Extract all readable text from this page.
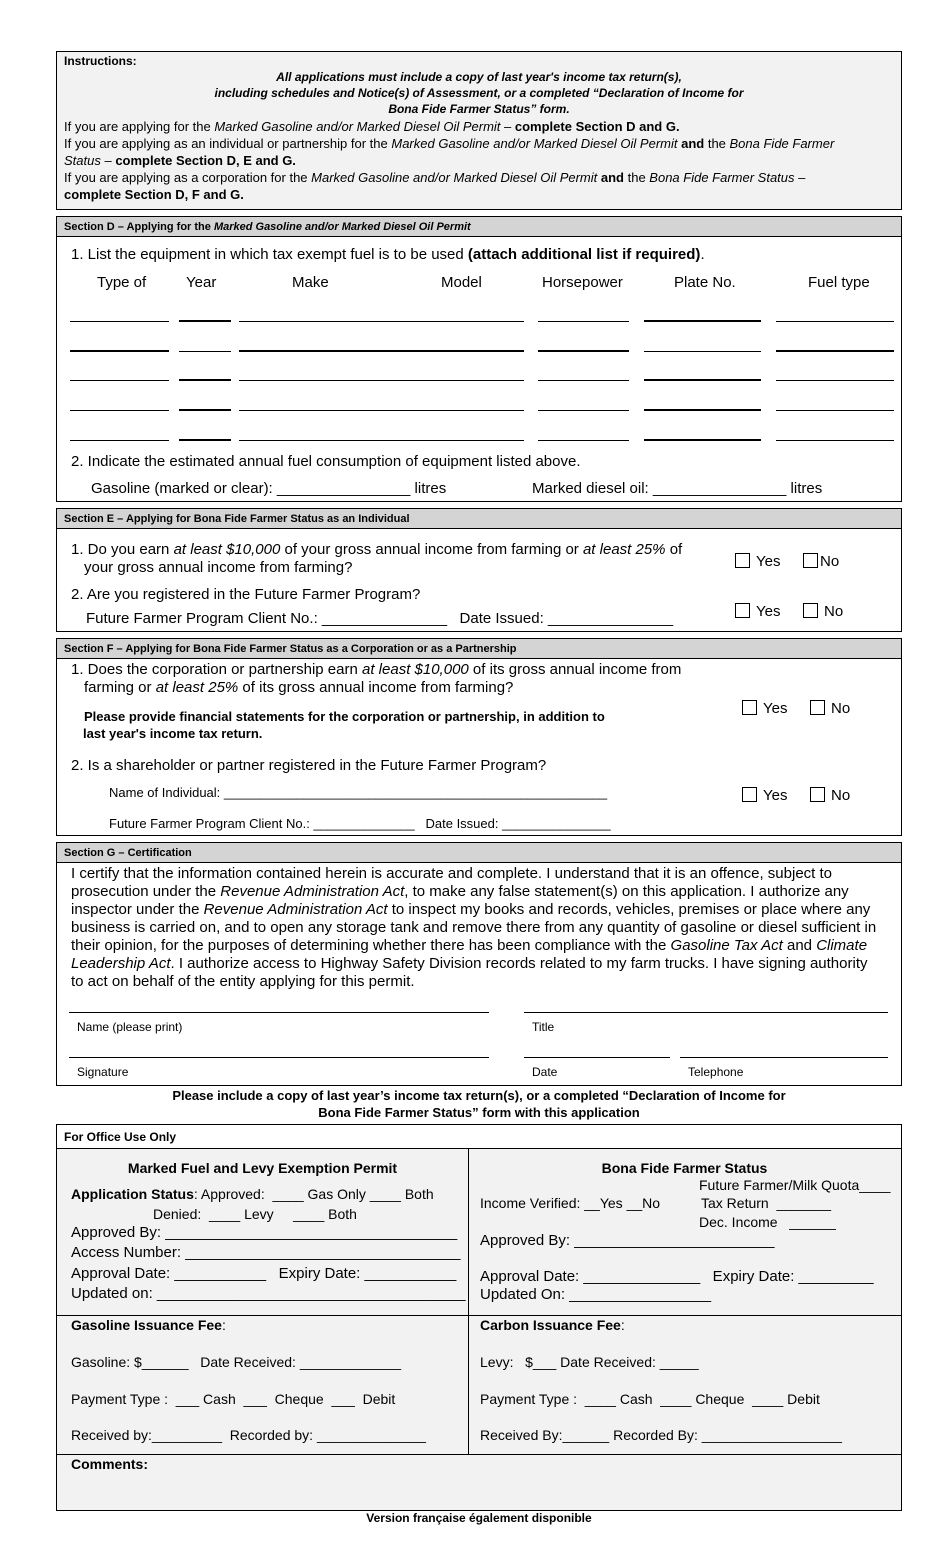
Instructions:
All applications must include a copy of last year's income tax return(s),
including schedules and Notice(s) of Assessment, or a completed “Declaration of Income for
Bona Fide Farmer Status” form.
If you are applying for the Marked Gasoline and/or Marked Diesel Oil Permit – complete Section D and G.
If you are applying as an individual or partnership for the Marked Gasoline and/or Marked Diesel Oil Permit and the Bona Fide Farmer
Status – complete Section D, E and G.
If you are applying as a corporation for the Marked Gasoline and/or Marked Diesel Oil Permit and the Bona Fide Farmer Status –
complete Section D, F and G.
Section D – Applying for the Marked Gasoline and/or Marked Diesel Oil Permit
1. List the equipment in which tax exempt fuel is to be used (attach additional list if required).
Type of	Year	Make	Model	Horsepower	Plate No.	Fuel type
2. Indicate the estimated annual fuel consumption of equipment listed above.
Gasoline (marked or clear): ________________ litres	Marked diesel oil: ________________ litres
Section E – Applying for Bona Fide Farmer Status as an Individual
1. Do you earn at least $10,000 of your gross annual income from farming or at least 25% of
your gross annual income from farming?	Yes	No
2. Are you registered in the Future Farmer Program?
Future Farmer Program Client No.: _______________   Date Issued: _______________	Yes	No
Section F – Applying for Bona Fide Farmer Status as a Corporation or as a Partnership
1. Does the corporation or partnership earn at least $10,000 of its gross annual income from
farming or at least 25% of its gross annual income from farming?
Please provide financial statements for the corporation or partnership, in addition to
last year's income tax return.
Yes	No
2. Is a shareholder or partner registered in the Future Farmer Program?
Name of Individual: _____________________________________________________
Future Farmer Program Client No.: ______________   Date Issued: _______________
Yes	No
Section G – Certification
I certify that the information contained herein is accurate and complete. I understand that it is an offence, subject to
prosecution under the Revenue Administration Act, to make any false statement(s) on this application. I authorize any
inspector under the Revenue Administration Act to inspect my books and records, vehicles, premises or place where any
business is carried on, and to open any storage tank and remove there from any quantity of gasoline or diesel sufficient in
their opinion, for the purposes of determining whether there has been compliance with the Gasoline Tax Act and Climate
Leadership Act. I authorize access to Highway Safety Division records related to my farm trucks. I have signing authority
to act on behalf of the entity applying for this permit.
Name (please print)	Title
Signature	Date	Telephone
Please include a copy of last year’s income tax return(s), or a completed “Declaration of Income for
Bona Fide Farmer Status” form with this application
For Office Use Only
Marked Fuel and Levy Exemption Permit
Application Status: Approved:  ____ Gas Only ____ Both
Denied:  ____ Levy     ____ Both
Approved By: ___________________________________
Access Number: _________________________________
Approval Date: ___________   Expiry Date: ___________
Updated on: _____________________________________
Bona Fide Farmer Status
Future Farmer/Milk Quota____
Income Verified: __Yes __No	Tax Return  _______
Dec. Income   ______
Approved By: ________________________
Approval Date: ______________   Expiry Date: _________
Updated On: _________________
Gasoline Issuance Fee:
Gasoline: $______   Date Received: _____________
Payment Type :  ___ Cash  ___  Cheque  ___  Debit
Received by:_________  Recorded by: ______________
Carbon Issuance Fee:
Levy:   $___ Date Received: _____
Payment Type :  ____ Cash  ____ Cheque  ____ Debit
Received By:______ Recorded By: __________________
Comments:
Version française également disponible
